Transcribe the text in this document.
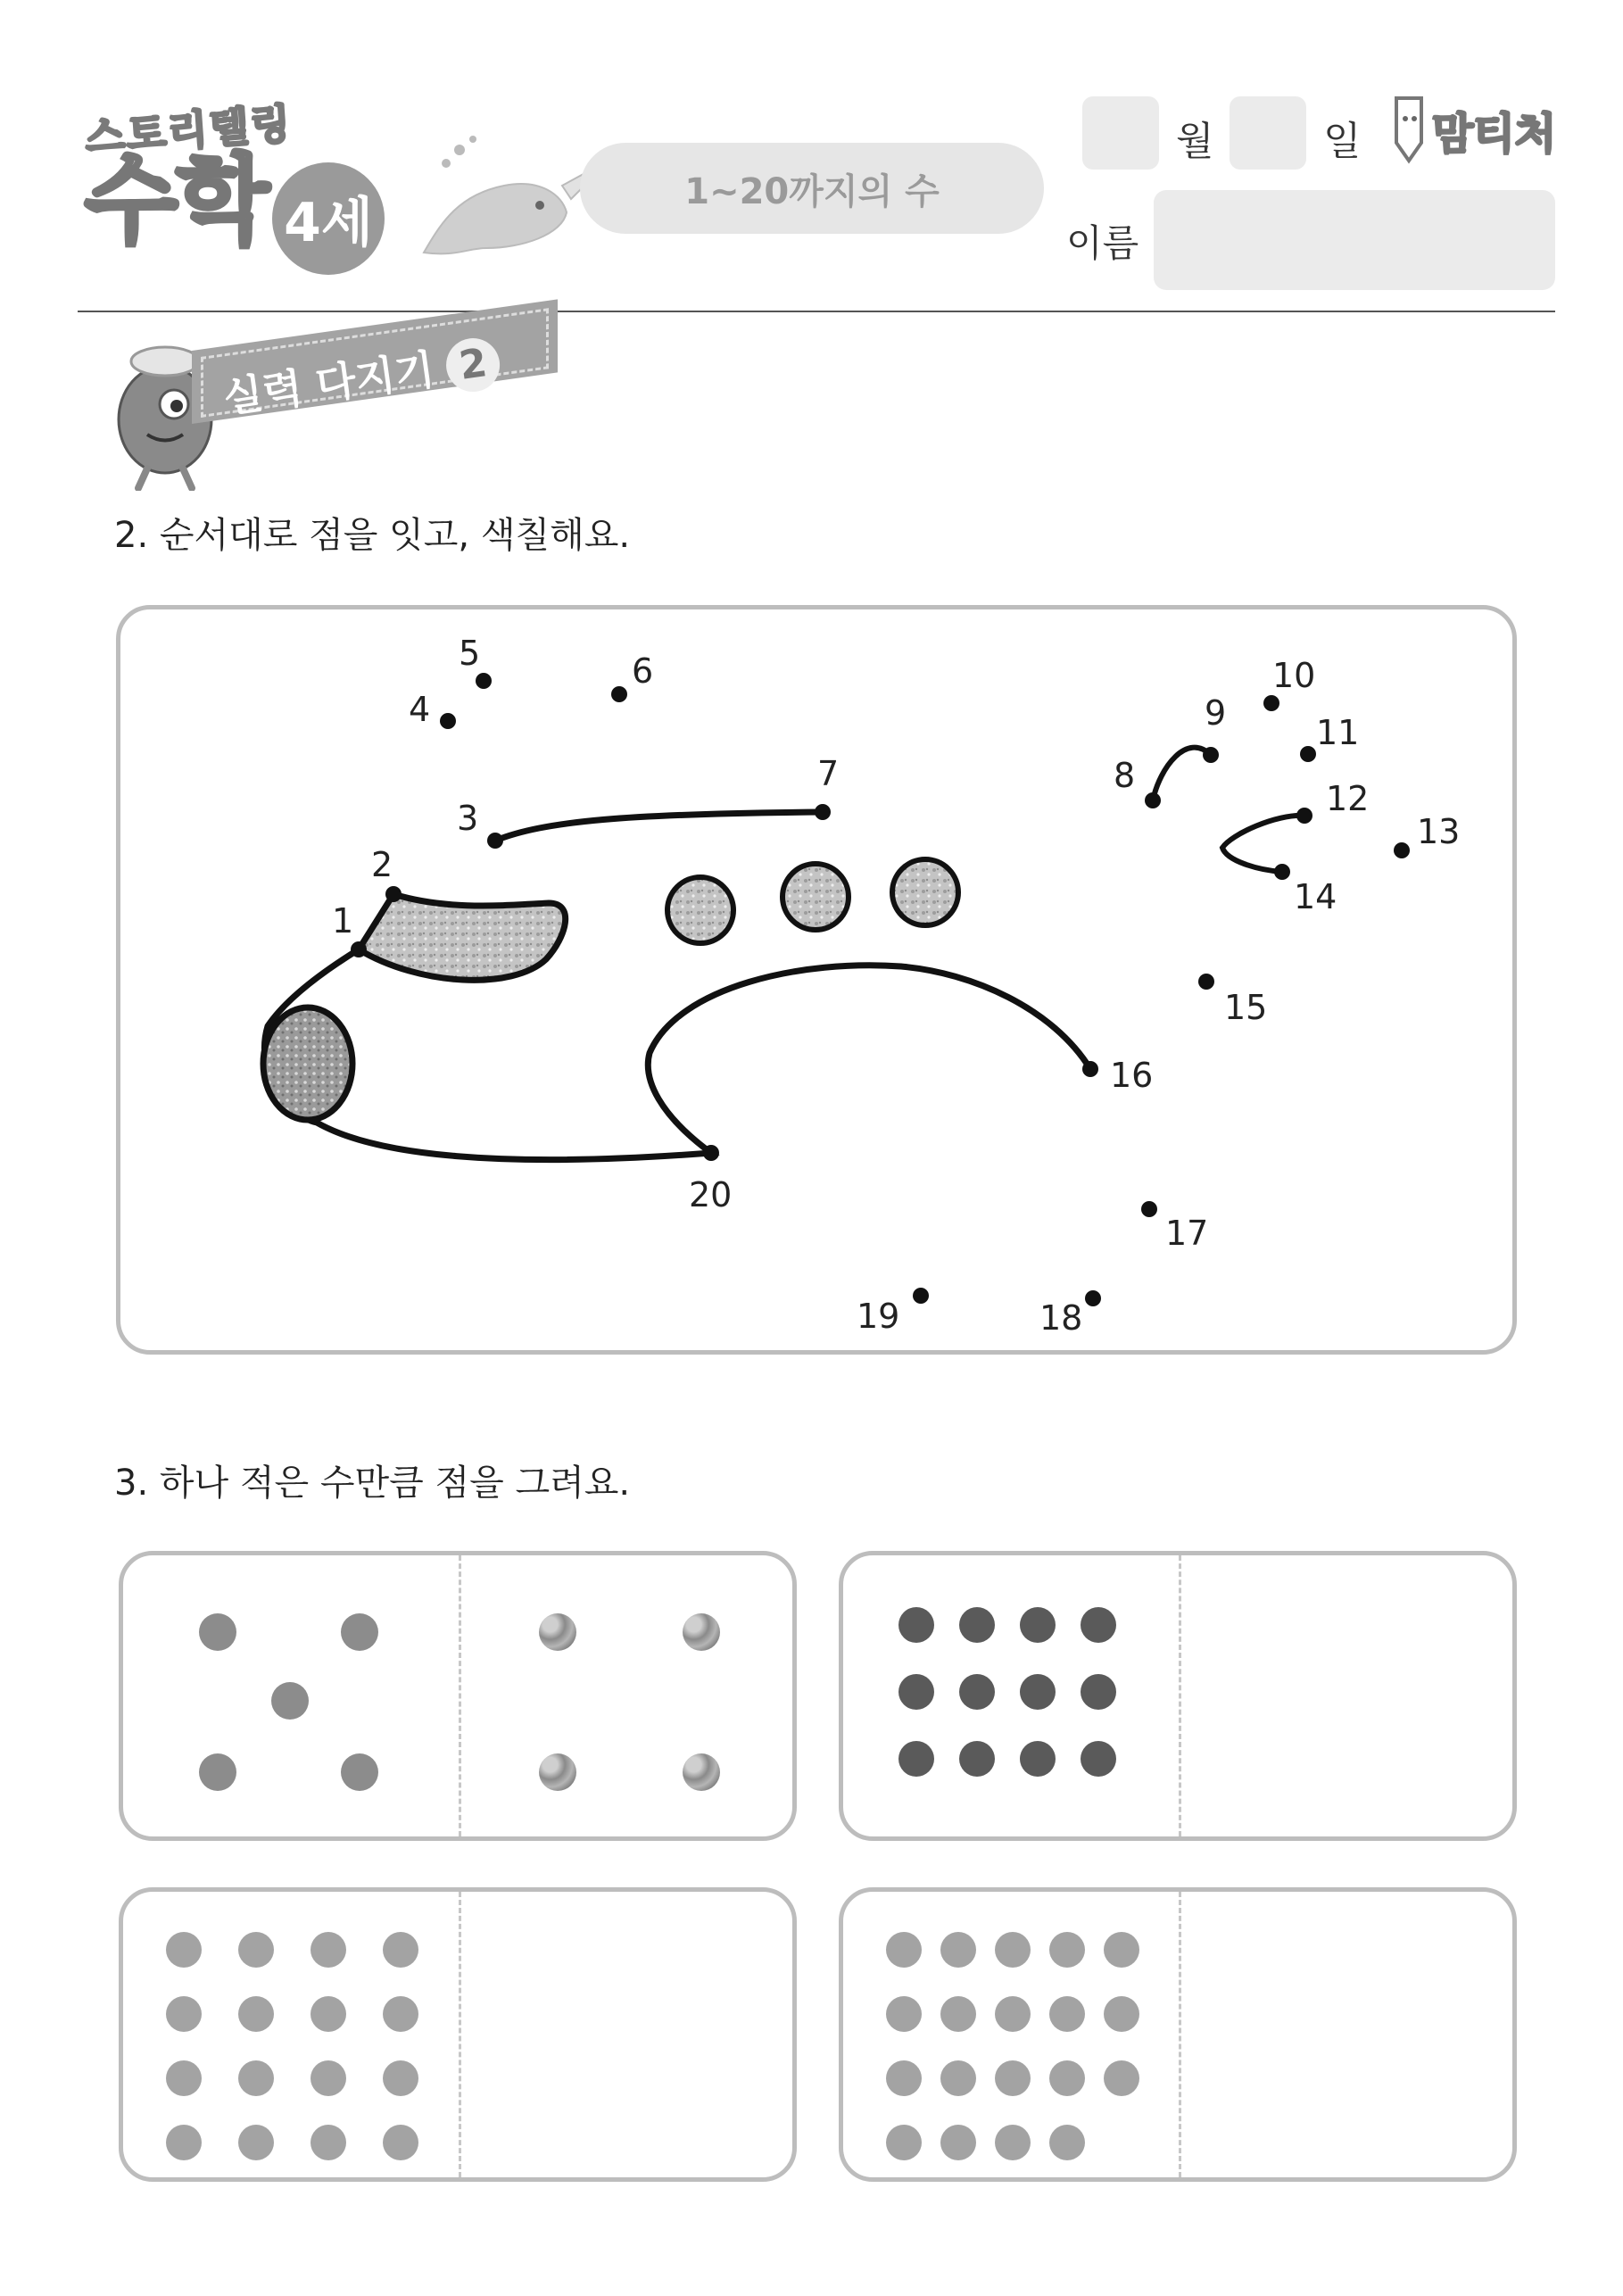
스토리텔링
수학 4세
1~20까지의 수
월	일 맘티처
이름
실력 다지기 2
2. 순서대로 점을 잇고, 색칠해요.
1
2
3
4
5	6
7	8
9
10
11
12
13
14
15
16
17
18
19
20
3. 하나 적은 수만큼 점을 그려요.
